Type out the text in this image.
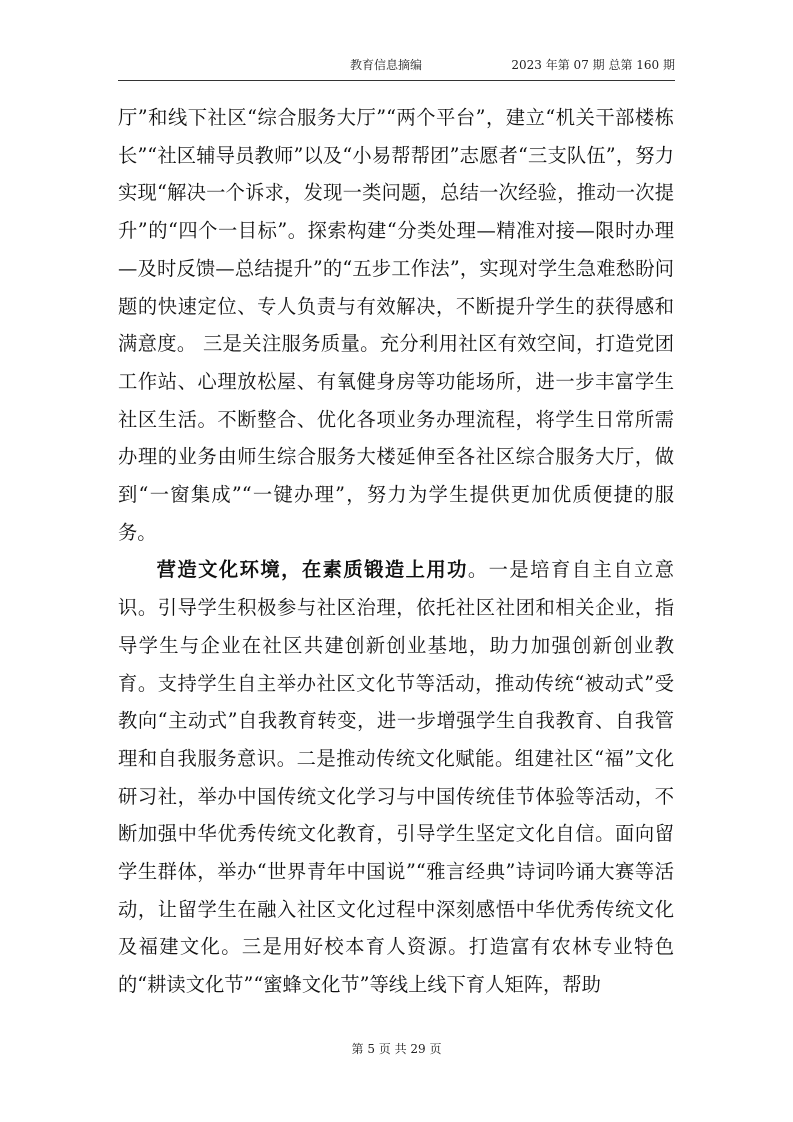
教育信息摘编	2023 年第 07 期 总第 160 期

厅”和线下社区“综合服务大厅”“两个平台”，建立“机关干部楼栋长”“社区辅导员教师”以及“小易帮帮团”志愿者“三支队伍”，努力实现“解决一个诉求，发现一类问题，总结一次经验，推动一次提升”的“四个一目标”。探索构建“分类处理—精准对接—限时办理—及时反馈—总结提升”的“五步工作法”，实现对学生急难愁盼问题的快速定位、专人负责与有效解决，不断提升学生的获得感和满意度。 三是关注服务质量。充分利用社区有效空间，打造党团工作站、心理放松屋、有氧健身房等功能场所，进一步丰富学生社区生活。不断整合、优化各项业务办理流程，将学生日常所需办理的业务由师生综合服务大楼延伸至各社区综合服务大厅，做到“一窗集成”“一键办理”，努力为学生提供更加优质便捷的服务。

营造文化环境，在素质锻造上用功。一是培育自主自立意识。引导学生积极参与社区治理，依托社区社团和相关企业，指导学生与企业在社区共建创新创业基地，助力加强创新创业教育。支持学生自主举办社区文化节等活动，推动传统“被动式”受教向“主动式”自我教育转变，进一步增强学生自我教育、自我管理和自我服务意识。二是推动传统文化赋能。组建社区“福”文化研习社，举办中国传统文化学习与中国传统佳节体验等活动，不断加强中华优秀传统文化教育，引导学生坚定文化自信。面向留学生群体，举办“世界青年中国说”“雅言经典”诗词吟诵大赛等活动，让留学生在融入社区文化过程中深刻感悟中华优秀传统文化及福建文化。三是用好校本育人资源。打造富有农林专业特色的“耕读文化节”“蜜蜂文化节”等线上线下育人矩阵，帮助

第 5 页 共 29 页
